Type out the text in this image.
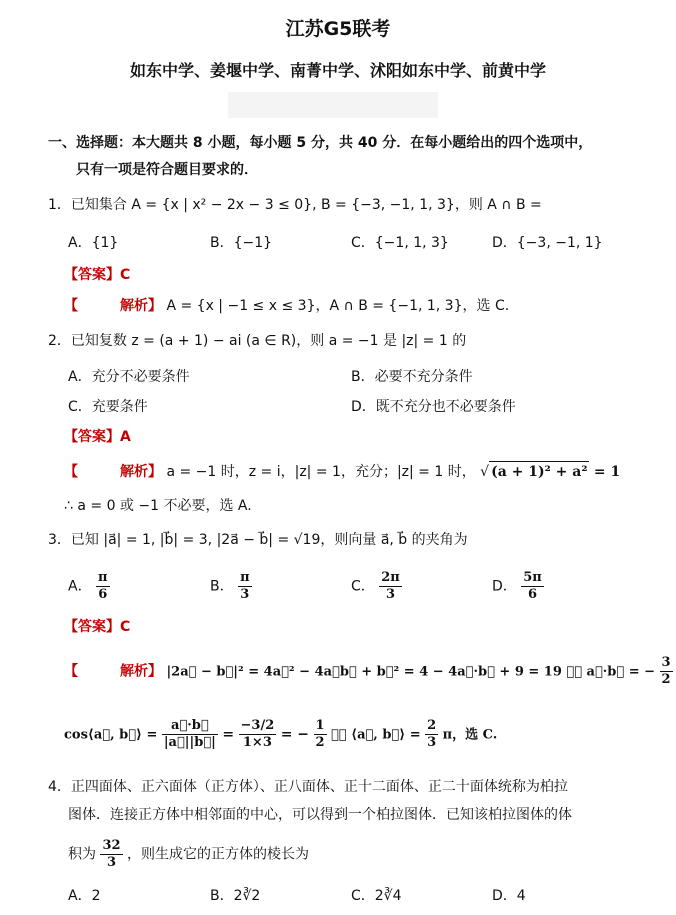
江苏G5联考
如东中学、姜堰中学、南菁中学、沭阳如东中学、前黄中学
一、选择题：本大题共 8 小题，每小题 5 分，共 40 分．在每小题给出的四个选项中，
只有一项是符合题目要求的．
1．已知集合 A = {x | x² − 2x − 3 ≤ 0}, B = {−3, −1, 1, 3}，则 A ∩ B =
A．{1}	B．{−1}	C．{−1, 1, 3}	D．{−3, −1, 1}
【答案】C
【　　　解析】 A = {x | −1 ≤ x ≤ 3}，A ∩ B = {−1, 1, 3}，选 C.
2．已知复数 z = (a + 1) − ai (a ∈ R)，则 a = −1 是 |z| = 1 的
A．充分不必要条件	B．必要不充分条件
C．充要条件	D．既不充分也不必要条件
【答案】A
【　　　解析】 a = −1 时，z = i，|z| = 1，充分；|z| = 1 时， √ (a + 1)² + a² = 1
∴ a = 0 或 −1 不必要，选 A.
3．已知 |a⃗| = 1, |b⃗| = 3, |2a⃗ − b⃗| = √19，则向量 a⃗, b⃗ 的夹角为
A． $\frac{\pi}{6}$	B． $\frac{\pi}{3}$	C． $\frac{2\pi}{3}$	D． $\frac{5\pi}{6}$
【答案】C
【　　　解析】 |2a⃗ − b⃗|² = 4a⃗² − 4a⃗b⃗ + b⃗² = 4 − 4a⃗·b⃗ + 9 = 19 ，∴ a⃗·b⃗ = − $\frac{3}{2}$
cos⟨a⃗, b⃗⟩ = $\frac{a⃗\cdot b⃗}{|a⃗||b⃗|} = \frac{-3/2}{1\times 3}$ = − $\frac{1}{2}$ ，∴ ⟨a⃗, b⃗⟩ = $\frac{2}{3}$ π，选 C.
4．正四面体、正六面体（正方体）、正八面体、正十二面体、正二十面体统称为柏拉
图体．连接正方体中相邻面的中心，可以得到一个柏拉图体．已知该柏拉图体的体
积为 $\frac{32}{3}$ ，则生成它的正方体的棱长为
A．2	B．2∛2	C．2∛4	D．4
